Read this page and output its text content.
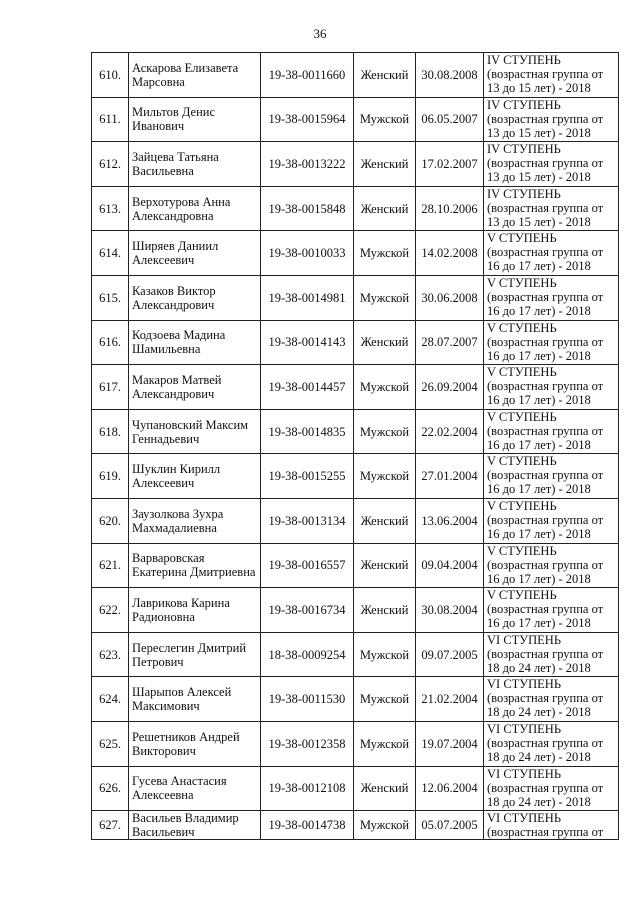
36
610.	Аскарова Елизавета Марсовна	19-38-0011660	Женский	30.08.2008	IV СТУПЕНЬ
(возрастная группа от
13 до 15 лет) - 2018
611.	Мильтов Денис Иванович	19-38-0015964	Мужской	06.05.2007	IV СТУПЕНЬ
(возрастная группа от
13 до 15 лет) - 2018
612.	Зайцева Татьяна Васильевна	19-38-0013222	Женский	17.02.2007	IV СТУПЕНЬ
(возрастная группа от
13 до 15 лет) - 2018
613.	Верхотурова Анна Александровна	19-38-0015848	Женский	28.10.2006	IV СТУПЕНЬ
(возрастная группа от
13 до 15 лет) - 2018
614.	Ширяев Даниил Алексеевич	19-38-0010033	Мужской	14.02.2008	V СТУПЕНЬ
(возрастная группа от
16 до 17 лет) - 2018
615.	Казаков Виктор Александрович	19-38-0014981	Мужской	30.06.2008	V СТУПЕНЬ
(возрастная группа от
16 до 17 лет) - 2018
616.	Кодзоева Мадина Шамильевна	19-38-0014143	Женский	28.07.2007	V СТУПЕНЬ
(возрастная группа от
16 до 17 лет) - 2018
617.	Макаров Матвей Александрович	19-38-0014457	Мужской	26.09.2004	V СТУПЕНЬ
(возрастная группа от
16 до 17 лет) - 2018
618.	Чупановский Максим Геннадьевич	19-38-0014835	Мужской	22.02.2004	V СТУПЕНЬ
(возрастная группа от
16 до 17 лет) - 2018
619.	Шуклин Кирилл Алексеевич	19-38-0015255	Мужской	27.01.2004	V СТУПЕНЬ
(возрастная группа от
16 до 17 лет) - 2018
620.	Заузолкова Зухра Махмадалиевна	19-38-0013134	Женский	13.06.2004	V СТУПЕНЬ
(возрастная группа от
16 до 17 лет) - 2018
621.	Варваровская Екатерина Дмитриевна	19-38-0016557	Женский	09.04.2004	V СТУПЕНЬ
(возрастная группа от
16 до 17 лет) - 2018
622.	Лаврикова Карина Радионовна	19-38-0016734	Женский	30.08.2004	V СТУПЕНЬ
(возрастная группа от
16 до 17 лет) - 2018
623.	Переслегин Дмитрий Петрович	18-38-0009254	Мужской	09.07.2005	VI СТУПЕНЬ
(возрастная группа от
18 до 24 лет) - 2018
624.	Шарыпов Алексей Максимович	19-38-0011530	Мужской	21.02.2004	VI СТУПЕНЬ
(возрастная группа от
18 до 24 лет) - 2018
625.	Решетников Андрей Викторович	19-38-0012358	Мужской	19.07.2004	VI СТУПЕНЬ
(возрастная группа от
18 до 24 лет) - 2018
626.	Гусева Анастасия Алексеевна	19-38-0012108	Женский	12.06.2004	VI СТУПЕНЬ
(возрастная группа от
18 до 24 лет) - 2018
627.	Васильев Владимир Васильевич	19-38-0014738	Мужской	05.07.2005	VI СТУПЕНЬ
(возрастная группа от
